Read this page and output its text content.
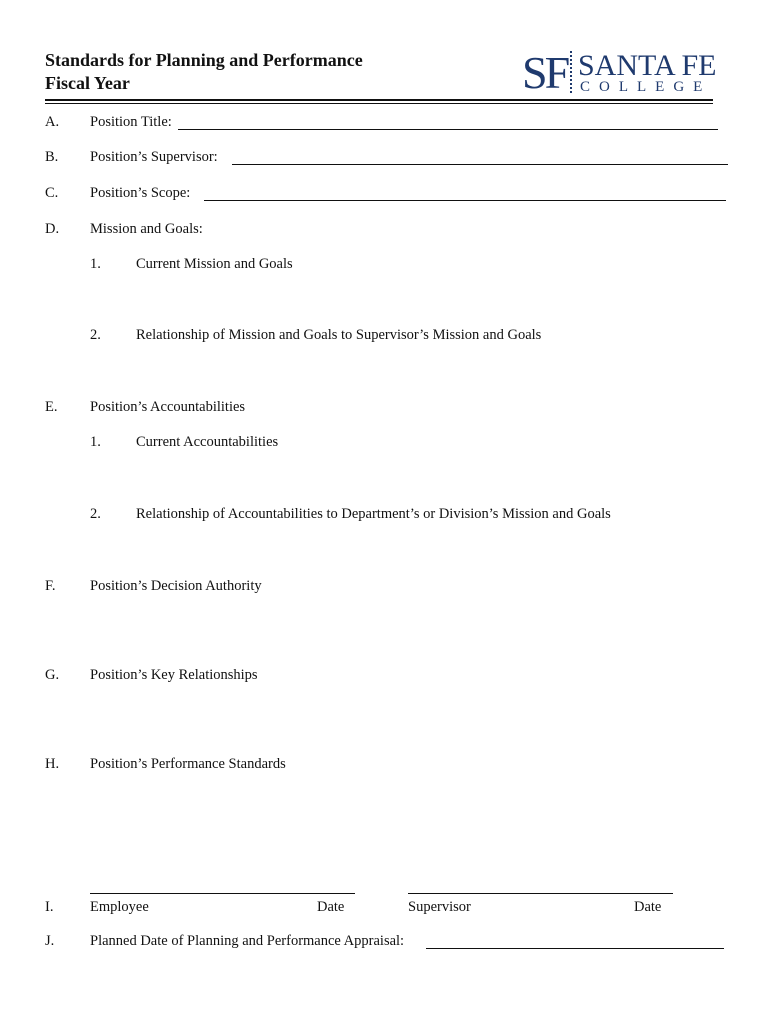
Standards for Planning and Performance
Fiscal Year	SF SANTA FE
COLLEGE
A. Position Title:
B. Position’s Supervisor:
C. Position’s Scope:
D. Mission and Goals:
1. Current Mission and Goals
2. Relationship of Mission and Goals to Supervisor’s Mission and Goals
E. Position’s Accountabilities
1. Current Accountabilities
2. Relationship of Accountabilities to Department’s or Division’s Mission and Goals
F. Position’s Decision Authority
G. Position’s Key Relationships
H. Position’s Performance Standards
I.	Employee	Date	Supervisor	Date
J. Planned Date of Planning and Performance Appraisal:
